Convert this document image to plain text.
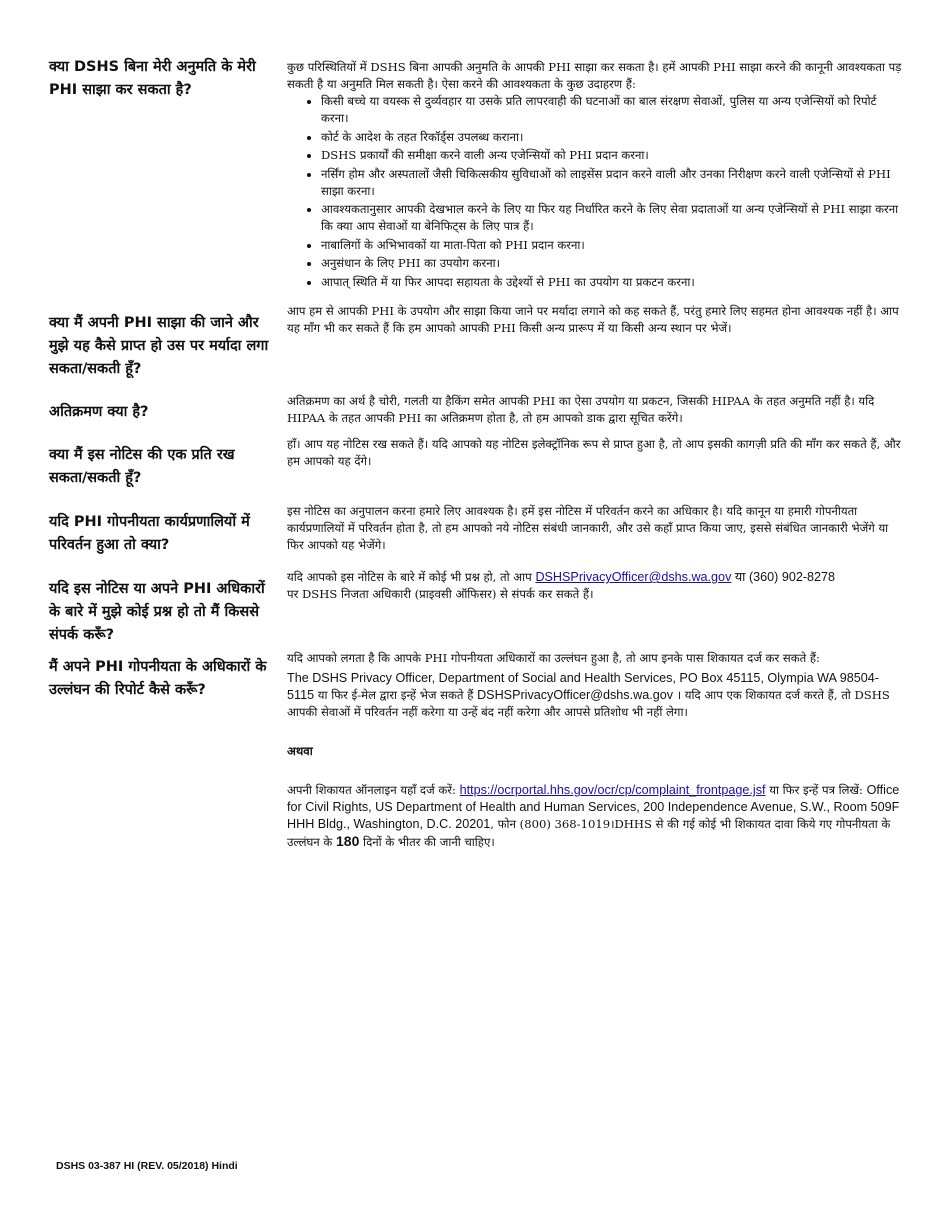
क्या DSHS बिना मेरी अनुमति के मेरी PHI साझा कर सकता है?

कुछ परिस्थितियों में DSHS बिना आपकी अनुमति के आपकी PHI साझा कर सकता है। हमें आपकी PHI साझा करने की कानूनी आवश्यकता पड़ सकती है या अनुमति मिल सकती है। ऐसा करने की आवश्यकता के कुछ उदाहरण हैं:

• किसी बच्चे या वयस्क से दुर्व्यवहार या उसके प्रति लापरवाही की घटनाओं का बाल संरक्षण सेवाओं, पुलिस या अन्य एजेन्सियों को रिपोर्ट करना।
• कोर्ट के आदेश के तहत रिकॉर्ड्स उपलब्ध कराना।
• DSHS प्रकार्यों की समीक्षा करने वाली अन्य एजेन्सियों को PHI प्रदान करना।
• नर्सिंग होम और अस्पतालों जैसी चिकित्सकीय सुविधाओं को लाइसेंस प्रदान करने वाली और उनका निरीक्षण करने वाली एजेन्सियों से PHI साझा करना।
• आवश्यकतानुसार आपकी देखभाल करने के लिए या फिर यह निर्धारित करने के लिए सेवा प्रदाताओं या अन्य एजेन्सियों से PHI साझा करना कि क्या आप सेवाओं या बेनिफिट्स के लिए पात्र हैं।
• नाबालिगों के अभिभावकों या माता-पिता को PHI प्रदान करना।
• अनुसंधान के लिए PHI का उपयोग करना।
• आपात् स्थिति में या फिर आपदा सहायता के उद्देश्यों से PHI का उपयोग या प्रकटन करना।
क्या मैं अपनी PHI साझा की जाने और मुझे यह कैसे प्राप्त हो उस पर मर्यादा लगा सकता/सकती हूँ?
आप हम से आपकी PHI के उपयोग और साझा किया जाने पर मर्यादा लगाने को कह सकते हैं, परंतु हमारे लिए सहमत होना आवश्यक नहीं है। आप यह माँग भी कर सकते हैं कि हम आपको आपकी PHI किसी अन्य प्रारूप में या किसी अन्य स्थान पर भेजें।
अतिक्रमण क्या है?
अतिक्रमण का अर्थ है चोरी, गलती या हैकिंग समेत आपकी PHI का ऐसा उपयोग या प्रकटन, जिसकी HIPAA के तहत अनुमति नहीं है। यदि HIPAA के तहत आपकी PHI का अतिक्रमण होता है, तो हम आपको डाक द्वारा सूचित करेंगे।
क्या मैं इस नोटिस की एक प्रति रख सकता/सकती हूँ?
हाँ। आप यह नोटिस रख सकते हैं। यदि आपको यह नोटिस इलेक्ट्रॉनिक रूप से प्राप्त हुआ है, तो आप इसकी कागज़ी प्रति की माँग कर सकते हैं, और हम आपको यह देंगे।
यदि PHI गोपनीयता कार्यप्रणालियों में परिवर्तन हुआ तो क्या?
इस नोटिस का अनुपालन करना हमारे लिए आवश्यक है। हमें इस नोटिस में परिवर्तन करने का अधिकार है। यदि कानून या हमारी गोपनीयता कार्यप्रणालियों में परिवर्तन होता है, तो हम आपको नये नोटिस संबंधी जानकारी, और उसे कहाँ प्राप्त किया जाए, इससे संबंधित जानकारी भेजेंगे या फिर आपको यह भेजेंगे।
यदि इस नोटिस या अपने PHI अधिकारों के बारे में मुझे कोई प्रश्न हो तो मैं किससे संपर्क करूँ?
यदि आपको इस नोटिस के बारे में कोई भी प्रश्न हो, तो आप DSHSPrivacyOfficer@dshs.wa.gov या (360) 902-8278
पर DSHS निजता अधिकारी (प्राइवसी ऑफिसर) से संपर्क कर सकते हैं।
मैं अपने PHI गोपनीयता के अधिकारों के उल्लंघन की रिपोर्ट कैसे करूँ?

यदि आपको लगता है कि आपके PHI गोपनीयता अधिकारों का उल्लंघन हुआ है, तो आप इनके पास शिकायत दर्ज कर सकते हैं:

The DSHS Privacy Officer, Department of Social and Health Services, PO Box 45115, Olympia WA 98504-5115 या फिर ई-मेल द्वारा इन्हें भेज सकते हैं DSHSPrivacyOfficer@dshs.wa.gov । यदि आप एक शिकायत दर्ज करते हैं, तो DSHS आपकी सेवाओं में परिवर्तन नहीं करेगा या उन्हें बंद नहीं करेगा और आपसे प्रतिशोध भी नहीं लेगा।

अथवा

अपनी शिकायत ऑनलाइन यहाँ दर्ज करें: https://ocrportal.hhs.gov/ocr/cp/complaint_frontpage.jsf या फिर इन्हें पत्र लिखें: Office for Civil Rights, US Department of Health and Human Services, 200 Independence Avenue, S.W., Room 509F HHH Bldg., Washington, D.C. 20201, फोन (800) 368-1019।DHHS से की गई कोई भी शिकायत दावा किये गए गोपनीयता के उल्लंघन के 180 दिनों के भीतर की जानी चाहिए।

DSHS 03-387 HI (REV. 05/2018) Hindi
